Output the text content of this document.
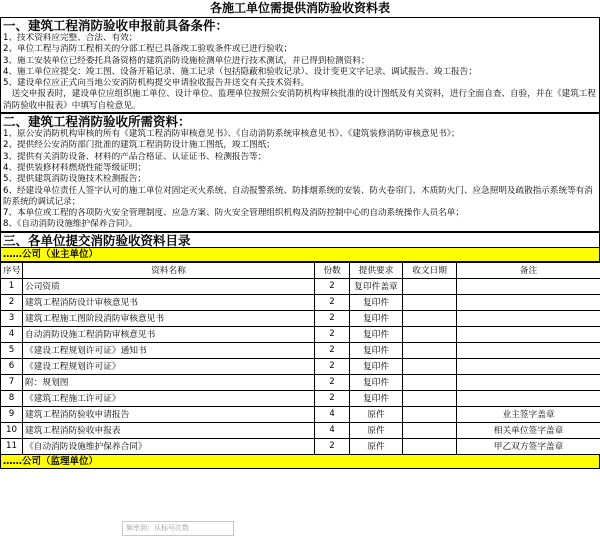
各施工单位需提供消防验收资料表
一、建筑工程消防验收申报前具备条件：

1、技术资料应完整、合法、有效；

2、单位工程与消防工程相关的分部工程已具备竣工验收条件或已进行验收；

3、施工安装单位已经委托具备资格的建筑消防设施检测单位进行技术测试，并已得到检测资料；

4、施工单位应提交：竣工图、设备开箱记录、施工记录（包括隐蔽和验收记录）、设计变更文字记录、调试报告、竣工报告；

5、建设单位应正式向当地公安消防机构提交申请验收报告并送交有关技术资料。

　送交申报表时，建设单位应组织施工单位、设计单位、监理单位按照公安消防机构审核批准的设计图纸及有关资料，进行全面自查、自验，并在《建筑工程消防验收申报表》中填写自检意见。

二、建筑工程消防验收所需资料：

1、原公安消防机构审核的所有《建筑工程消防审核意见书》、《自动消防系统审核意见书》、《建筑装修消防审核意见书》；

2、提供经公安消防部门批准的建筑工程消防设计施工图纸，竣工图纸；

3、提供有关消防设备、材料的产品合格证、认证证书、检测报告等；

4、提供装修材料燃烧性能等级证明；

5、提供建筑消防设施技术检测报告；

6、经建设单位责任人签字认可的施工单位对固定灭火系统、自动报警系统、防排烟系统的安装、防火卷帘门、木质防火门、应急照明及疏散指示系统等有消防系统的调试记录；

7、本单位或工程的各项防火安全管理制度、应急方案、防火安全管理组织机构及消防控制中心的自动系统操作人员名单；

8、《自动消防设施维护保养合同》。

三、各单位提交消防验收资料目录
……公司（业主单位）
序号	资料名称	份数	提供要求	收文日期	备注
1	公司资质	2	复印件盖章		
2	建筑工程消防设计审核意见书	2	复印件		
3	建筑工程施工图阶段消防审核意见书	2	复印件		
4	自动消防设施工程消防审核意见书	2	复印件		
5	《建设工程规划许可证》通知书	2	复印件		
6	《建设工程规划许可证》	2	复印件		
7	附：规划图	2	复印件		
8	《建筑工程施工许可证》	2	复印件		
9	建筑工程消防验收申请报告	4	原件		业主签字盖章
10	建筑工程消防验收申报表	4	原件		相关单位签字盖章
11	《自动消防设施维护保养合同》	2	原件		甲乙双方签字盖章
……公司（监理单位）
频率到：从标号次数
